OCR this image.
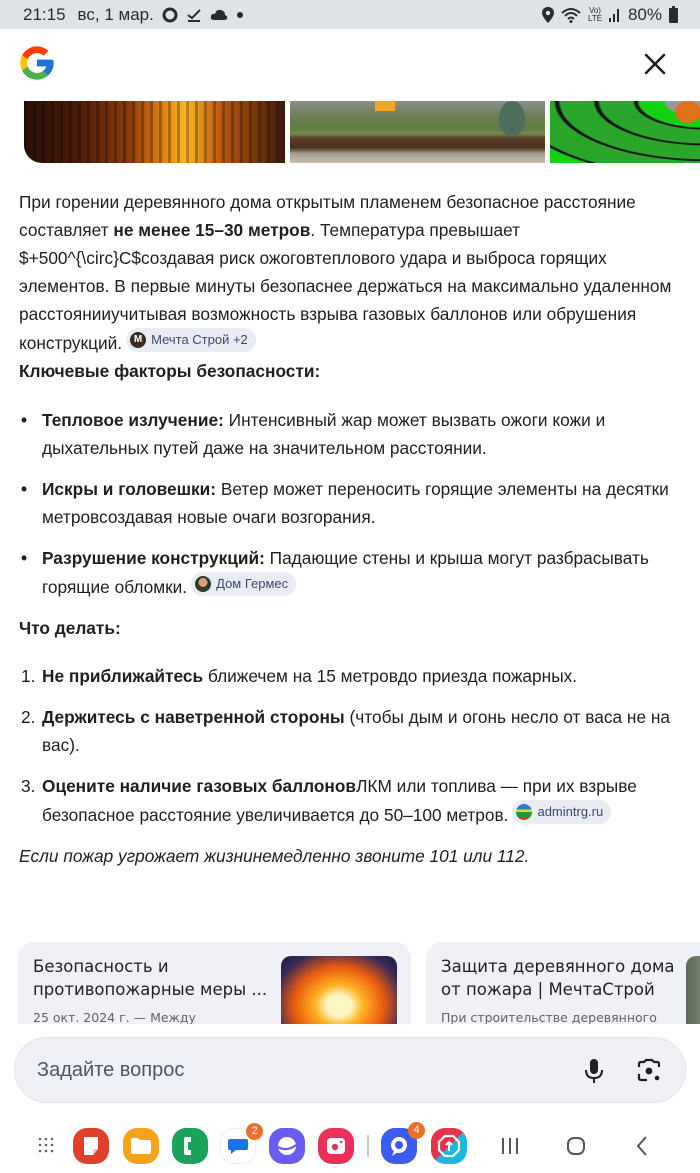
21:15 вс, 1 мар.	Vo) LTE 80%

При горении деревянного дома открытым пламенем безопасное расстояние составляет не менее 15–30 метров. Температура превышает $+500^{\circ}C$создавая риск ожоговтеплового удара и выброса горящих элементов. В первые минуты безопаснее держаться на максимально удаленном расстоянииучитывая возможность взрыва газовых баллонов или обрушения конструкций. M Мечта Строй +2

Ключевые факторы безопасности:

• Тепловое излучение: Интенсивный жар может вызвать ожоги кожи и дыхательных путей даже на значительном расстоянии.
• Искры и головешки: Ветер может переносить горящие элементы на десятки метровсоздавая новые очаги возгорания.
• Разрушение конструкций: Падающие стены и крыша могут разбрасывать горящие обломки. Дом Гермес

Что делать:

1. Не приближайтесь ближечем на 15 метровдо приезда пожарных.
2. Держитесь с наветренной стороны (чтобы дым и огонь несло от васа не на вас).
3. Оцените наличие газовых баллоновЛКМ или топлива — при их взрыве безопасное расстояние увеличивается до 50–100 метров. admintrg.ru

Если пожар угрожает жизнинемедленно звоните 101 или 112.

Безопасность и противопожарные меры ...
25 окт. 2024 г. — Между
Защита деревянного дома от пожара | МечтаСтрой
При строительстве деревянного
Задайте вопрос
2	4
